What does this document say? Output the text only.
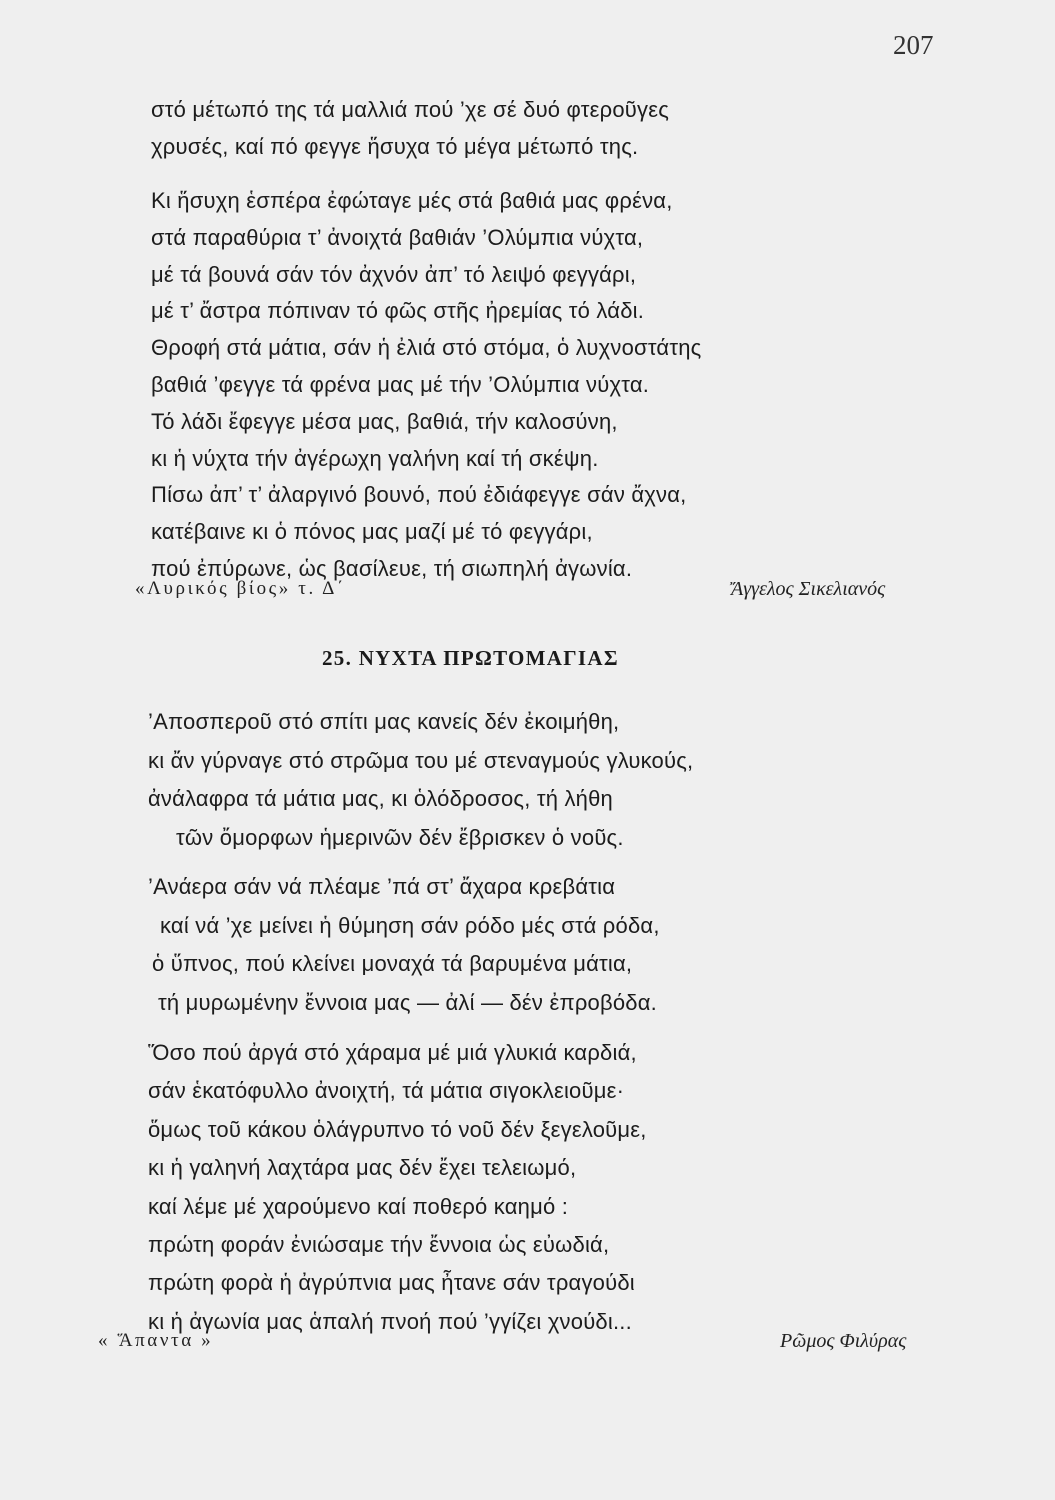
207
στό μέτωπό της τά μαλλιά πού ’χε σέ δυό φτεροῦγες
χρυσές, καί πό φεγγε ἥσυχα τό μέγα μέτωπό της.
Κι ἥσυχη ἑσπέρα ἐφώταγε μές στά βαθιά μας φρένα,
στά παραθύρια τ’ ἀνοιχτά βαθιάν ’Ολύμπια νύχτα,
μέ τά βουνά σάν τόν ἀχνόν ἀπ’ τό λειψό φεγγάρι,
μέ τ’ ἄστρα πόπιναν τό φῶς στῆς ἠρεμίας τό λάδι.
Θροφή στά μάτια, σάν ἡ ἐλιά στό στόμα, ὁ λυχνοστάτης
βαθιά ’φεγγε τά φρένα μας μέ τήν ’Ολύμπια νύχτα.
Τό λάδι ἔφεγγε μέσα μας, βαθιά, τήν καλοσύνη,
κι ἡ νύχτα τήν ἀγέρωχη γαλήνη καί τή σκέψη.
Πίσω ἀπ’ τ’ ἀλαργινό βουνό, πού ἐδιάφεγγε σάν ἄχνα,
κατέβαινε κι ὁ πόνος μας μαζί μέ τό φεγγάρι,
πού ἐπύρωνε, ὡς βασίλευε, τή σιωπηλή ἀγωνία.
«Λυρικός βίος» τ. Δ΄	Ἄγγελος Σικελιανός
25. ΝΥΧΤΑ ΠΡΩΤΟΜΑΓΙΑΣ
’Αποσπεροῦ στό σπίτι μας κανείς δέν ἐκοιμήθη,
κι ἄν γύρναγε στό στρῶμα του μέ στεναγμούς γλυκούς,
ἀνάλαφρα τά μάτια μας, κι ὁλόδροσος, τή λήθη
τῶν ὄμορφων ἡμερινῶν δέν ἔβρισκεν ὁ νοῦς.
’Ανάερα σάν νά πλέαμε ’πά στ’ ἄχαρα κρεβάτια
καί νά ’χε μείνει ἡ θύμηση σάν ρόδο μές στά ρόδα,
ὁ ὕπνος, πού κλείνει μοναχά τά βαρυμένα μάτια,
τή μυρωμένην ἔννοια μας — ἀλί — δέν ἐπροβόδα.
Ὅσο πού ἀργά στό χάραμα μέ μιά γλυκιά καρδιά,
σάν ἑκατόφυλλο ἀνοιχτή, τά μάτια σιγοκλειοῦμε·
ὅμως τοῦ κάκου ὁλάγρυπνο τό νοῦ δέν ξεγελοῦμε,
κι ἡ γαληνή λαχτάρα μας δέν ἔχει τελειωμό,
καί λέμε μέ χαρούμενο καί ποθερό καημό :
πρώτη φοράν ἐνιώσαμε τήν ἔννοια ὡς εὐωδιά,
πρώτη φορὰ ἡ ἀγρύπνια μας ἦτανε σάν τραγούδι
κι ἡ ἀγωνία μας ἁπαλή πνοή πού ’γγίζει χνούδι...
« Ἅπαντα »	Ρῶμος Φιλύρας
